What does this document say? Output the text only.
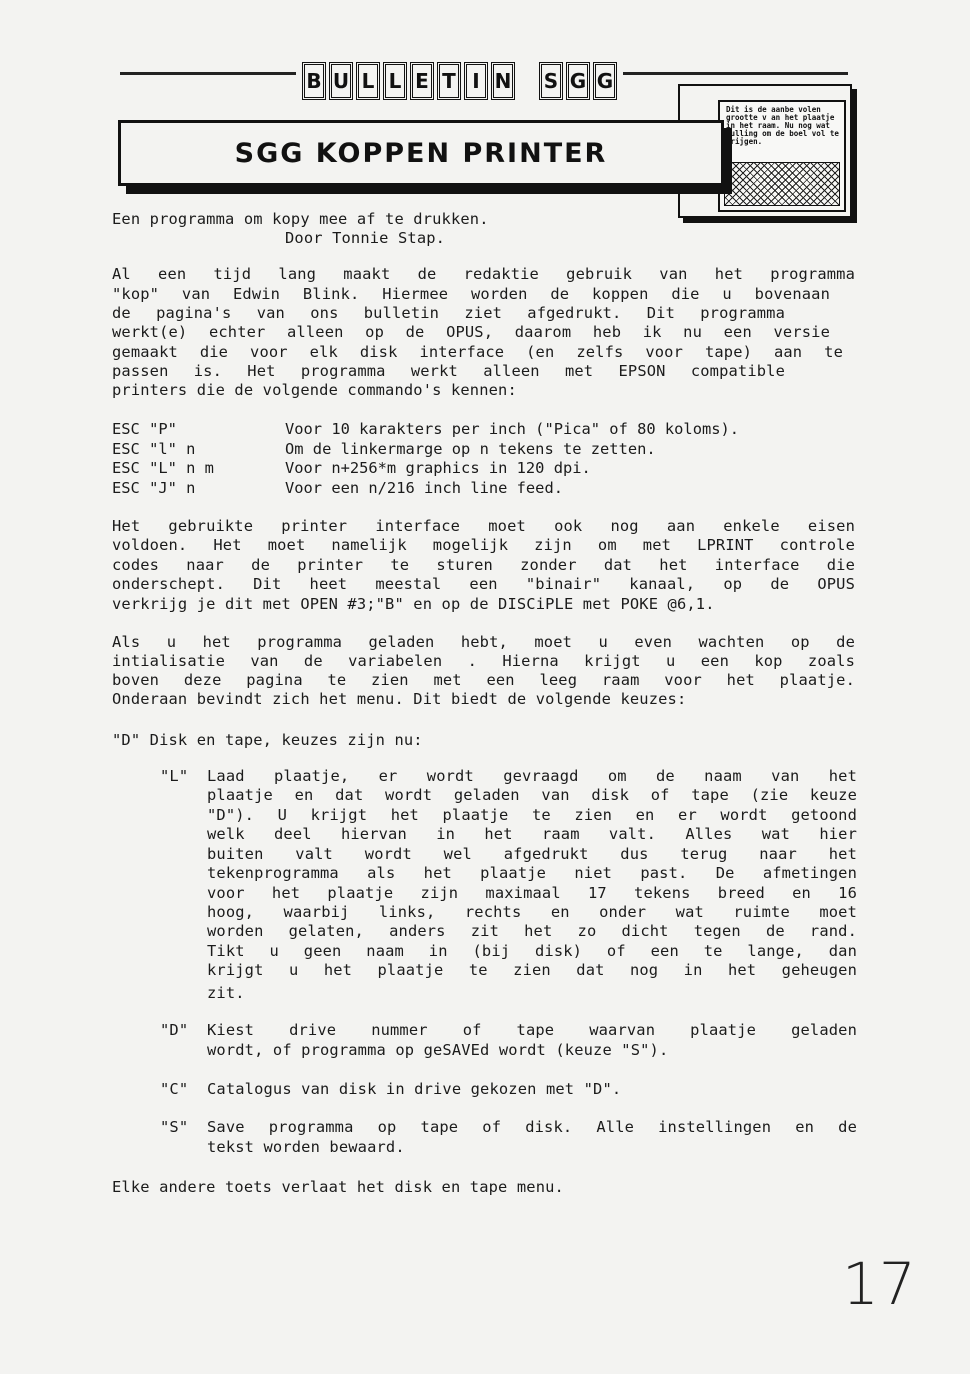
B U L L E T I N S G G
Dit is de aanbe volen grootte v an het plaatje in het raam. Nu nog wat vulling om de boel vol te krijgen.
SGG KOPPEN PRINTER
Een programma om kopy mee af te drukken.
Door Tonnie Stap.
Al een tijd lang maakt de redaktie gebruik van het programma
"kop" van Edwin Blink. Hiermee worden de koppen die u bovenaan
de pagina's van ons bulletin ziet afgedrukt. Dit programma
werkt(e) echter alleen op de OPUS, daarom heb ik nu een versie
gemaakt die voor elk disk interface (en zelfs voor tape) aan te
passen is. Het programma werkt alleen met EPSON compatible
printers die de volgende commando's kennen:
ESC "P"	Voor 10 karakters per inch ("Pica" of 80 koloms).
ESC "l" n	Om de linkermarge op n tekens te zetten.
ESC "L" n m	Voor n+256*m graphics in 120 dpi.
ESC "J" n	Voor een n/216 inch line feed.
Het gebruikte printer interface moet ook nog aan enkele eisen
voldoen. Het moet namelijk mogelijk zijn om met LPRINT controle
codes naar de printer te sturen zonder dat het interface die
onderschept. Dit heet meestal een "binair" kanaal, op de OPUS
verkrijg je dit met OPEN #3;"B" en op de DISCiPLE met POKE @6,1.
Als u het programma geladen hebt, moet u even wachten op de
intialisatie van de variabelen . Hierna krijgt u een kop zoals
boven deze pagina te zien met een leeg raam voor het plaatje.
Onderaan bevindt zich het menu. Dit biedt de volgende keuzes:
"D" Disk en tape, keuzes zijn nu:
"L" Laad plaatje, er wordt gevraagd om de naam van het
plaatje en dat wordt geladen van disk of tape (zie keuze
"D"). U krijgt het plaatje te zien en er wordt getoond
welk deel hiervan in het raam valt. Alles wat hier
buiten valt wordt wel afgedrukt dus terug naar het
tekenprogramma als het plaatje niet past. De afmetingen
voor het plaatje zijn maximaal 17 tekens breed en 16
hoog, waarbij links, rechts en onder wat ruimte moet
worden gelaten, anders zit het zo dicht tegen de rand.
Tikt u geen naam in (bij disk) of een te lange, dan
krijgt u het plaatje te zien dat nog in het geheugen
zit.
"D" Kiest drive nummer of tape waarvan plaatje geladen
wordt, of programma op geSAVEd wordt (keuze "S").
"C" Catalogus van disk in drive gekozen met "D".
"S" Save programma op tape of disk. Alle instellingen en de
tekst worden bewaard.
Elke andere toets verlaat het disk en tape menu.
17
